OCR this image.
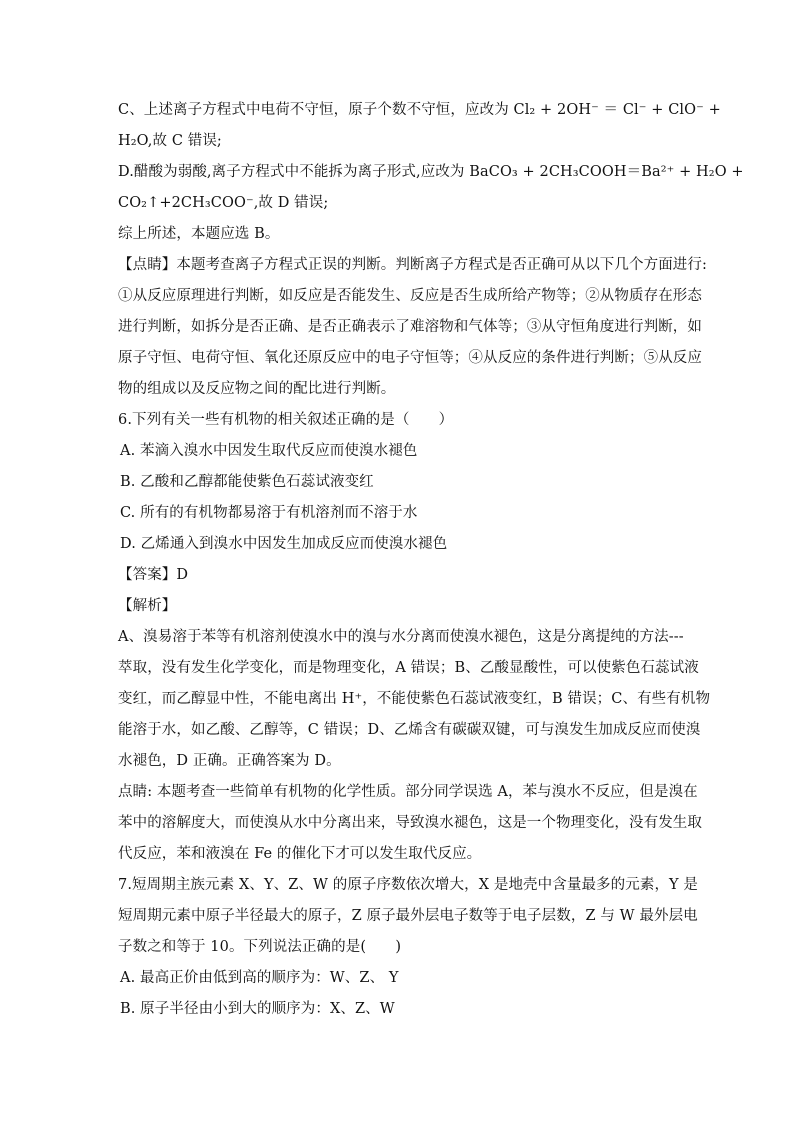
C、上述离子方程式中电荷不守恒，原子个数不守恒，应改为 Cl₂ + 2OH⁻ ＝ Cl⁻ + ClO⁻ +
H₂O,故 C 错误;
D.醋酸为弱酸,离子方程式中不能拆为离子形式,应改为 BaCO₃ + 2CH₃COOH＝Ba²⁺ + H₂O +
CO₂↑+2CH₃COO⁻,故 D 错误;
综上所述，本题应选 B。
【点睛】本题考查离子方程式正误的判断。判断离子方程式是否正确可从以下几个方面进行:
①从反应原理进行判断，如反应是否能发生、反应是否生成所给产物等；②从物质存在形态
进行判断，如拆分是否正确、是否正确表示了难溶物和气体等；③从守恒角度进行判断，如
原子守恒、电荷守恒、氧化还原反应中的电子守恒等；④从反应的条件进行判断；⑤从反应
物的组成以及反应物之间的配比进行判断。
6.下列有关一些有机物的相关叙述正确的是（　　）
A. 苯滴入溴水中因发生取代反应而使溴水褪色
B. 乙酸和乙醇都能使紫色石蕊试液变红
C. 所有的有机物都易溶于有机溶剂而不溶于水
D. 乙烯通入到溴水中因发生加成反应而使溴水褪色
【答案】D
【解析】
A、溴易溶于苯等有机溶剂使溴水中的溴与水分离而使溴水褪色，这是分离提纯的方法---
萃取，没有发生化学变化，而是物理变化，A 错误；B、乙酸显酸性，可以使紫色石蕊试液
变红，而乙醇显中性，不能电离出 H⁺，不能使紫色石蕊试液变红，B 错误；C、有些有机物
能溶于水，如乙酸、乙醇等，C 错误；D、乙烯含有碳碳双键，可与溴发生加成反应而使溴
水褪色，D 正确。正确答案为 D。
点睛: 本题考查一些简单有机物的化学性质。部分同学误选 A，苯与溴水不反应，但是溴在
苯中的溶解度大，而使溴从水中分离出来，导致溴水褪色，这是一个物理变化，没有发生取
代反应，苯和液溴在 Fe 的催化下才可以发生取代反应。
7.短周期主族元素 X、Y、Z、W 的原子序数依次增大，X 是地壳中含量最多的元素，Y 是
短周期元素中原子半径最大的原子，Z 原子最外层电子数等于电子层数，Z 与 W 最外层电
子数之和等于 10。下列说法正确的是(　　)
A. 最高正价由低到高的顺序为：W、Z、 Y
B. 原子半径由小到大的顺序为：X、Z、W
